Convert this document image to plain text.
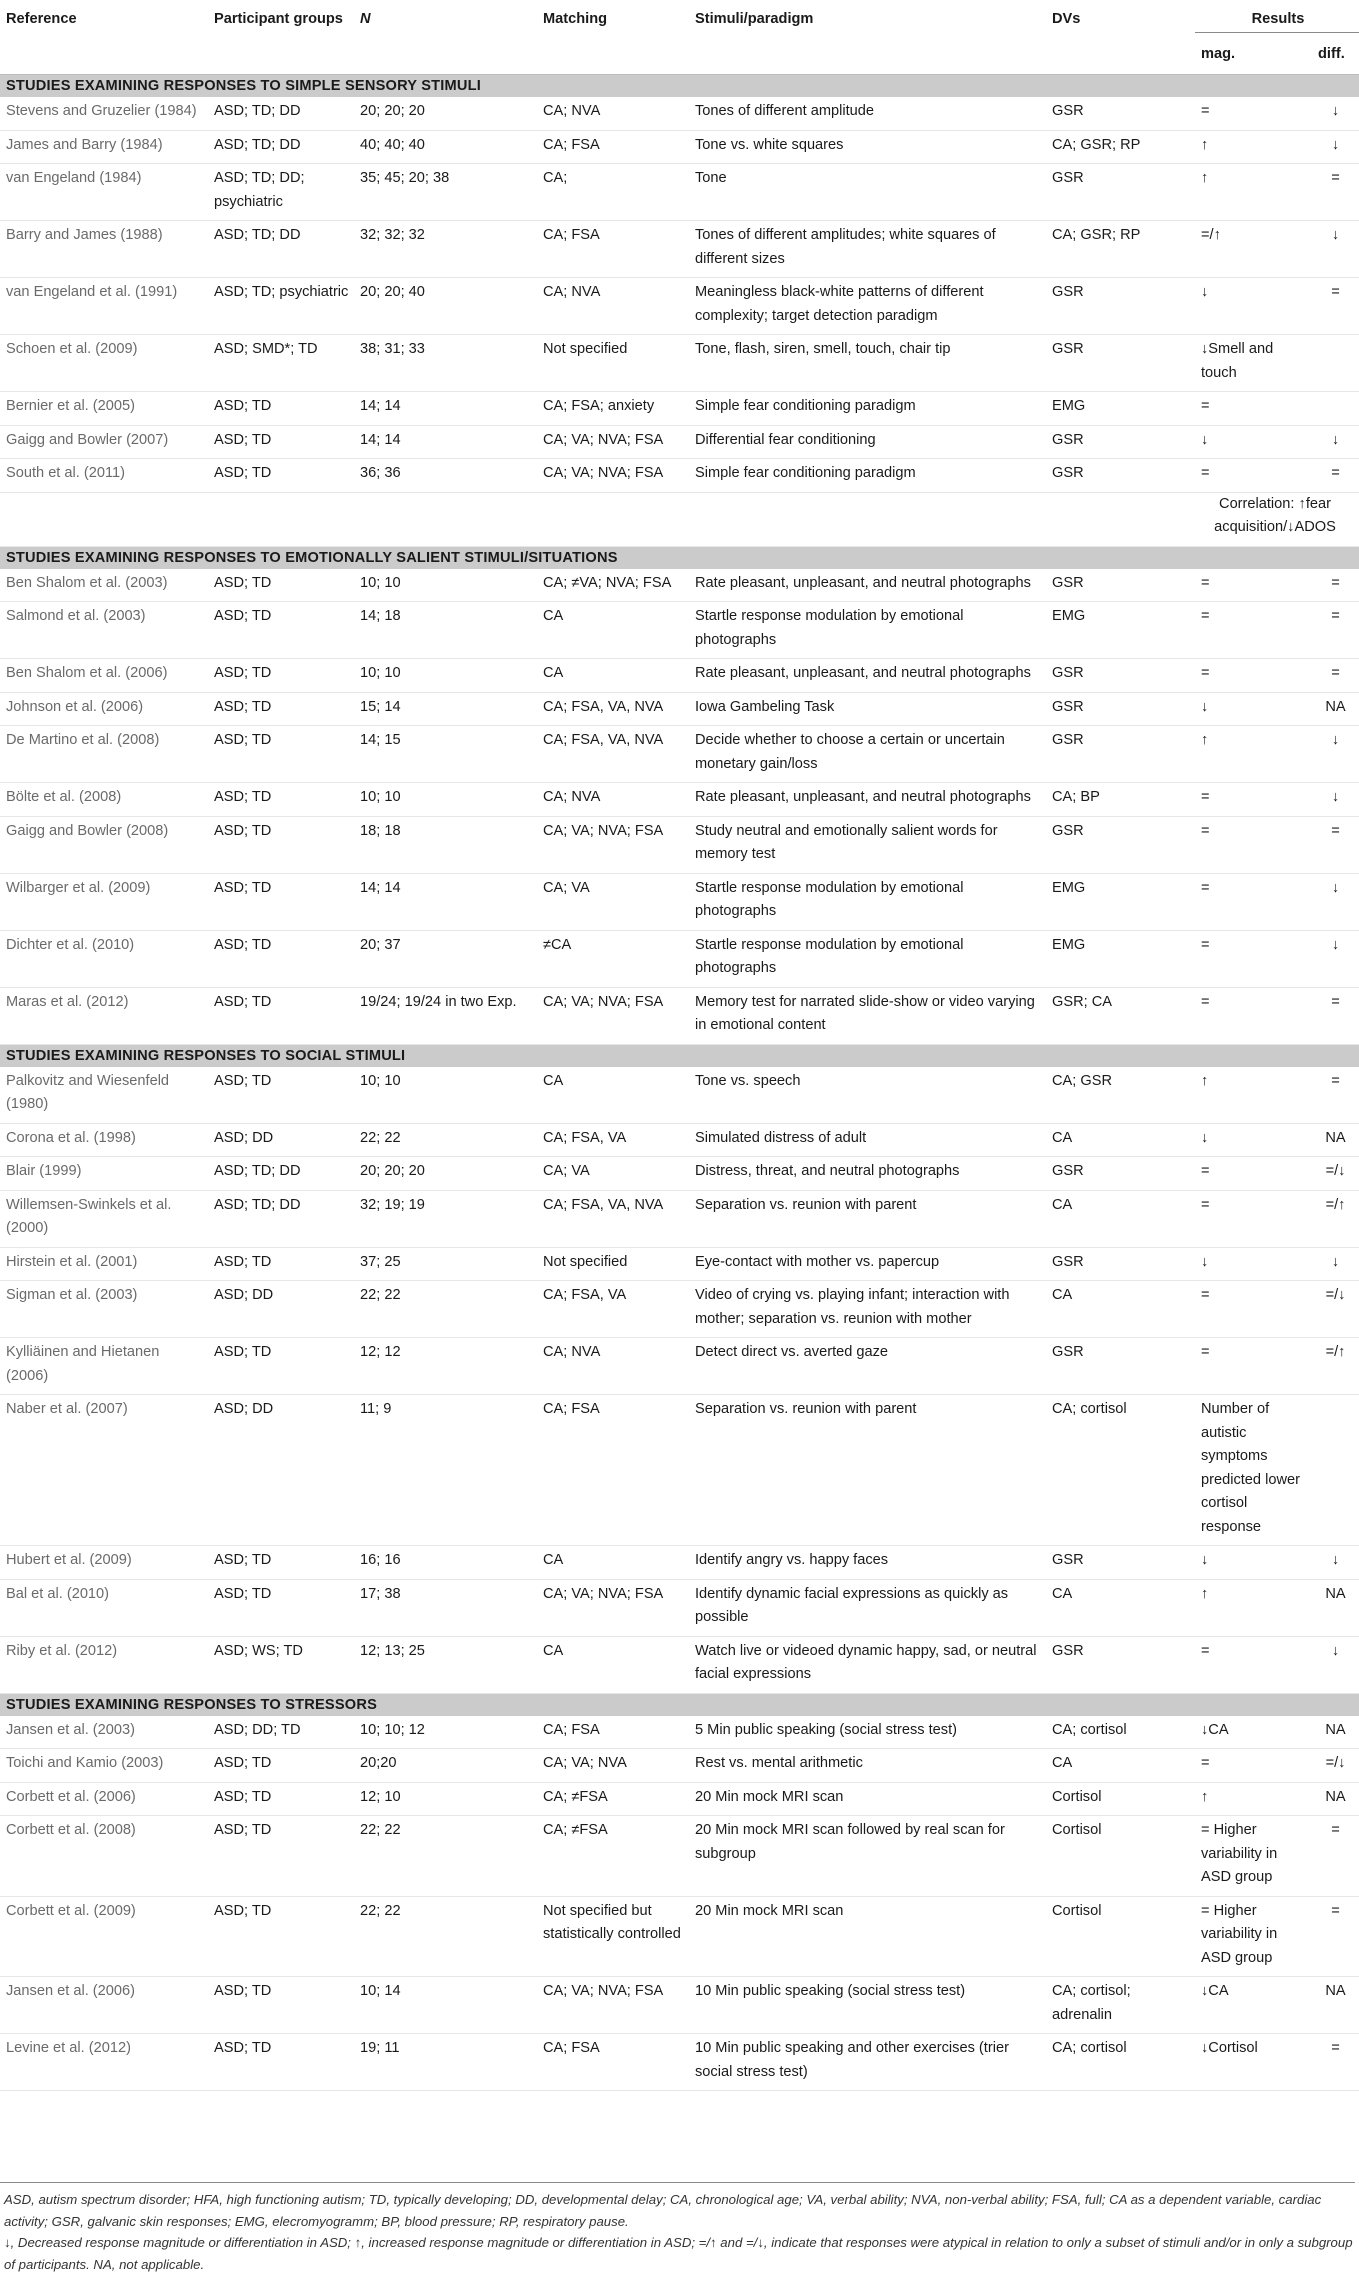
Reference	Participant groups	N	Matching	Stimuli/paradigm	DVs	Results	
						mag.	diff.
STUDIES EXAMINING RESPONSES TO SIMPLE SENSORY STIMULI							
Stevens and Gruzelier (1984)	ASD; TD; DD	20; 20; 20	CA; NVA	Tones of different amplitude	GSR	=	↓
James and Barry (1984)	ASD; TD; DD	40; 40; 40	CA; FSA	Tone vs. white squares	CA; GSR; RP	↑	↓
van Engeland (1984)	ASD; TD; DD; psychiatric	35; 45; 20; 38	CA;	Tone	GSR	↑	=
Barry and James (1988)	ASD; TD; DD	32; 32; 32	CA; FSA	Tones of different amplitudes; white squares of different sizes	CA; GSR; RP	=/↑	↓
van Engeland et al. (1991)	ASD; TD; psychiatric	20; 20; 40	CA; NVA	Meaningless black-white patterns of different complexity; target detection paradigm	GSR	↓	=
Schoen et al. (2009)	ASD; SMD*; TD	38; 31; 33	Not specified	Tone, flash, siren, smell, touch, chair tip	GSR	↓Smell and touch	
Bernier et al. (2005)	ASD; TD	14; 14	CA; FSA; anxiety	Simple fear conditioning paradigm	EMG	=	
Gaigg and Bowler (2007)	ASD; TD	14; 14	CA; VA; NVA; FSA	Differential fear conditioning	GSR	↓	↓
South et al. (2011)	ASD; TD	36; 36	CA; VA; NVA; FSA	Simple fear conditioning paradigm	GSR	=	=
						Correlation: ↑fear acquisition/↓ADOS	
STUDIES EXAMINING RESPONSES TO EMOTIONALLY SALIENT STIMULI/SITUATIONS							
Ben Shalom et al. (2003)	ASD; TD	10; 10	CA; ≠VA; NVA; FSA	Rate pleasant, unpleasant, and neutral photographs	GSR	=	=
Salmond et al. (2003)	ASD; TD	14; 18	CA	Startle response modulation by emotional photographs	EMG	=	=
Ben Shalom et al. (2006)	ASD; TD	10; 10	CA	Rate pleasant, unpleasant, and neutral photographs	GSR	=	=
Johnson et al. (2006)	ASD; TD	15; 14	CA; FSA, VA, NVA	Iowa Gambeling Task	GSR	↓	NA
De Martino et al. (2008)	ASD; TD	14; 15	CA; FSA, VA, NVA	Decide whether to choose a certain or uncertain monetary gain/loss	GSR	↑	↓
Bölte et al. (2008)	ASD; TD	10; 10	CA; NVA	Rate pleasant, unpleasant, and neutral photographs	CA; BP	=	↓
Gaigg and Bowler (2008)	ASD; TD	18; 18	CA; VA; NVA; FSA	Study neutral and emotionally salient words for memory test	GSR	=	=
Wilbarger et al. (2009)	ASD; TD	14; 14	CA; VA	Startle response modulation by emotional photographs	EMG	=	↓
Dichter et al. (2010)	ASD; TD	20; 37	≠CA	Startle response modulation by emotional photographs	EMG	=	↓
Maras et al. (2012)	ASD; TD	19/24; 19/24 in two Exp.	CA; VA; NVA; FSA	Memory test for narrated slide-show or video varying in emotional content	GSR; CA	=	=
STUDIES EXAMINING RESPONSES TO SOCIAL STIMULI							
Palkovitz and Wiesenfeld (1980)	ASD; TD	10; 10	CA	Tone vs. speech	CA; GSR	↑	=
Corona et al. (1998)	ASD; DD	22; 22	CA; FSA, VA	Simulated distress of adult	CA	↓	NA
Blair (1999)	ASD; TD; DD	20; 20; 20	CA; VA	Distress, threat, and neutral photographs	GSR	=	=/↓
Willemsen-Swinkels et al. (2000)	ASD; TD; DD	32; 19; 19	CA; FSA, VA, NVA	Separation vs. reunion with parent	CA	=	=/↑
Hirstein et al. (2001)	ASD; TD	37; 25	Not specified	Eye-contact with mother vs. papercup	GSR	↓	↓
Sigman et al. (2003)	ASD; DD	22; 22	CA; FSA, VA	Video of crying vs. playing infant; interaction with mother; separation vs. reunion with mother	CA	=	=/↓
Kylliäinen and Hietanen (2006)	ASD; TD	12; 12	CA; NVA	Detect direct vs. averted gaze	GSR	=	=/↑
Naber et al. (2007)	ASD; DD	11; 9	CA; FSA	Separation vs. reunion with parent	CA; cortisol	Number of autistic symptoms predicted lower cortisol response	
Hubert et al. (2009)	ASD; TD	16; 16	CA	Identify angry vs. happy faces	GSR	↓	↓
Bal et al. (2010)	ASD; TD	17; 38	CA; VA; NVA; FSA	Identify dynamic facial expressions as quickly as possible	CA	↑	NA
Riby et al. (2012)	ASD; WS; TD	12; 13; 25	CA	Watch live or videoed dynamic happy, sad, or neutral facial expressions	GSR	=	↓
STUDIES EXAMINING RESPONSES TO STRESSORS							
Jansen et al. (2003)	ASD; DD; TD	10; 10; 12	CA; FSA	5 Min public speaking (social stress test)	CA; cortisol	↓CA	NA
Toichi and Kamio (2003)	ASD; TD	20;20	CA; VA; NVA	Rest vs. mental arithmetic	CA	=	=/↓
Corbett et al. (2006)	ASD; TD	12; 10	CA; ≠FSA	20 Min mock MRI scan	Cortisol	↑	NA
Corbett et al. (2008)	ASD; TD	22; 22	CA; ≠FSA	20 Min mock MRI scan followed by real scan for subgroup	Cortisol	= Higher variability in ASD group	=
Corbett et al. (2009)	ASD; TD	22; 22	Not specified but statistically controlled	20 Min mock MRI scan	Cortisol	= Higher variability in ASD group	=
Jansen et al. (2006)	ASD; TD	10; 14	CA; VA; NVA; FSA	10 Min public speaking (social stress test)	CA; cortisol; adrenalin	↓CA	NA
Levine et al. (2012)	ASD; TD	19; 11	CA; FSA	10 Min public speaking and other exercises (trier social stress test)	CA; cortisol	↓Cortisol	=

ASD, autism spectrum disorder; HFA, high functioning autism; TD, typically developing; DD, developmental delay; CA, chronological age; VA, verbal ability; NVA, non-verbal ability; FSA, full; CA as a dependent variable, cardiac activity; GSR, galvanic skin responses; EMG, elecromyogramm; BP, blood pressure; RP, respiratory pause.

↓, Decreased response magnitude or differentiation in ASD; ↑, increased response magnitude or differentiation in ASD; =/↑ and =/↓, indicate that responses were atypical in relation to only a subset of stimuli and/or in only a subgroup of participants. NA, not applicable.
